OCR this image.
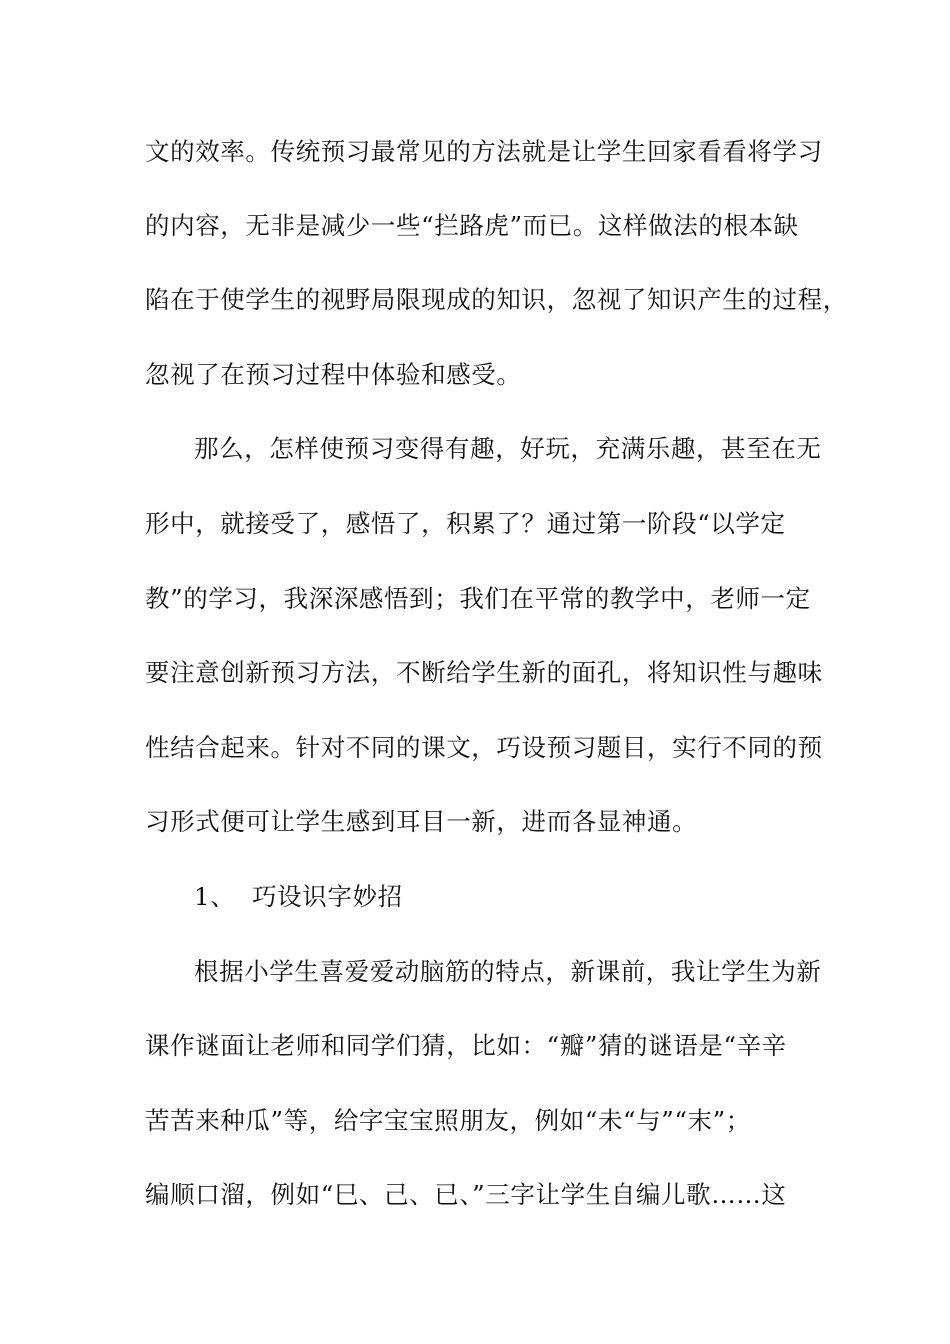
文的效率。传统预习最常见的方法就是让学生回家看看将学习
的内容，无非是减少一些“拦路虎”而已。这样做法的根本缺
陷在于使学生的视野局限现成的知识，忽视了知识产生的过程，
忽视了在预习过程中体验和感受。
那么，怎样使预习变得有趣，好玩，充满乐趣，甚至在无
形中，就接受了，感悟了，积累了？通过第一阶段“以学定
教”的学习，我深深感悟到；我们在平常的教学中，老师一定
要注意创新预习方法，不断给学生新的面孔，将知识性与趣味
性结合起来。针对不同的课文，巧设预习题目，实行不同的预
习形式便可让学生感到耳目一新，进而各显神通。
1、  巧设识字妙招
根据小学生喜爱爱动脑筋的特点，新课前，我让学生为新
课作谜面让老师和同学们猜，比如：“瓣”猜的谜语是“辛辛
苦苦来种瓜”等，给字宝宝照朋友，例如“未“与”“末”；
编顺口溜，例如“巳、己、已、”三字让学生自编儿歌……这
